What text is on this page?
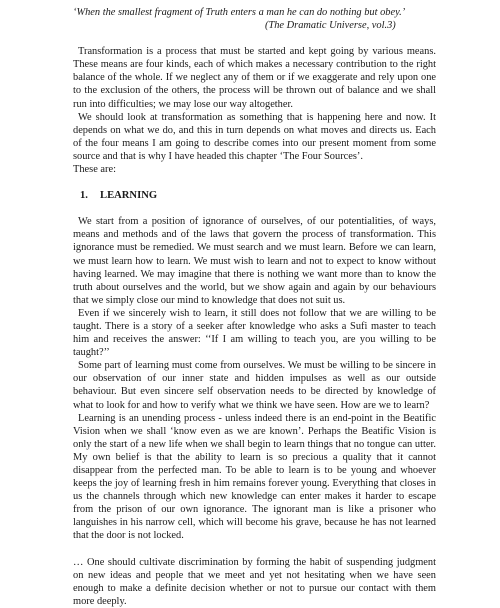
‘When the smallest fragment of Truth enters a man he can do nothing but obey.’
(The Dramatic Universe, vol.3)

Transformation is a process that must be started and kept going by various means. These means are four kinds, each of which makes a necessary contribution to the right balance of the whole. If we neglect any of them or if we exaggerate and rely upon one to the exclusion of the others, the process will be thrown out of balance and we shall run into difficulties; we may lose our way altogether.

We should look at transformation as something that is happening here and now. It depends on what we do, and this in turn depends on what moves and directs us. Each of the four means I am going to describe comes into our present moment from some source and that is why I have headed this chapter ‘The Four Sources’.

These are:

1. LEARNING

We start from a position of ignorance of ourselves, of our potentialities, of ways, means and methods and of the laws that govern the process of transformation. This ignorance must be remedied. We must search and we must learn. Before we can learn, we must learn how to learn. We must wish to learn and not to expect to know without having learned. We may imagine that there is nothing we want more than to know the truth about ourselves and the world, but we show again and again by our behaviours that we simply close our mind to knowledge that does not suit us.

Even if we sincerely wish to learn, it still does not follow that we are willing to be taught. There is a story of a seeker after knowledge who asks a Sufi master to teach him and receives the answer: ‘‘If I am willing to teach you, are you willing to be taught?’’

Some part of learning must come from ourselves. We must be willing to be sincere in our observation of our inner state and hidden impulses as well as our outside behaviour. But even sincere self observation needs to be directed by knowledge of what to look for and how to verify what we think we have seen. How are we to learn?

Learning is an unending process - unless indeed there is an end-point in the Beatific Vision when we shall ‘know even as we are known’. Perhaps the Beatific Vision is only the start of a new life when we shall begin to learn things that no tongue can utter. My own belief is that the ability to learn is so precious a quality that it cannot disappear from the perfected man. To be able to learn is to be young and whoever keeps the joy of learning fresh in him remains forever young. Everything that closes in us the channels through which new knowledge can enter makes it harder to escape from the prison of our own ignorance. The ignorant man is like a prisoner who languishes in his narrow cell, which will become his grave, because he has not learned that the door is not locked.

… One should cultivate discrimination by forming the habit of suspending judgment on new ideas and people that we meet and yet not hesitating when we have seen enough to make a definite decision whether or not to pursue our contact with them more deeply.
